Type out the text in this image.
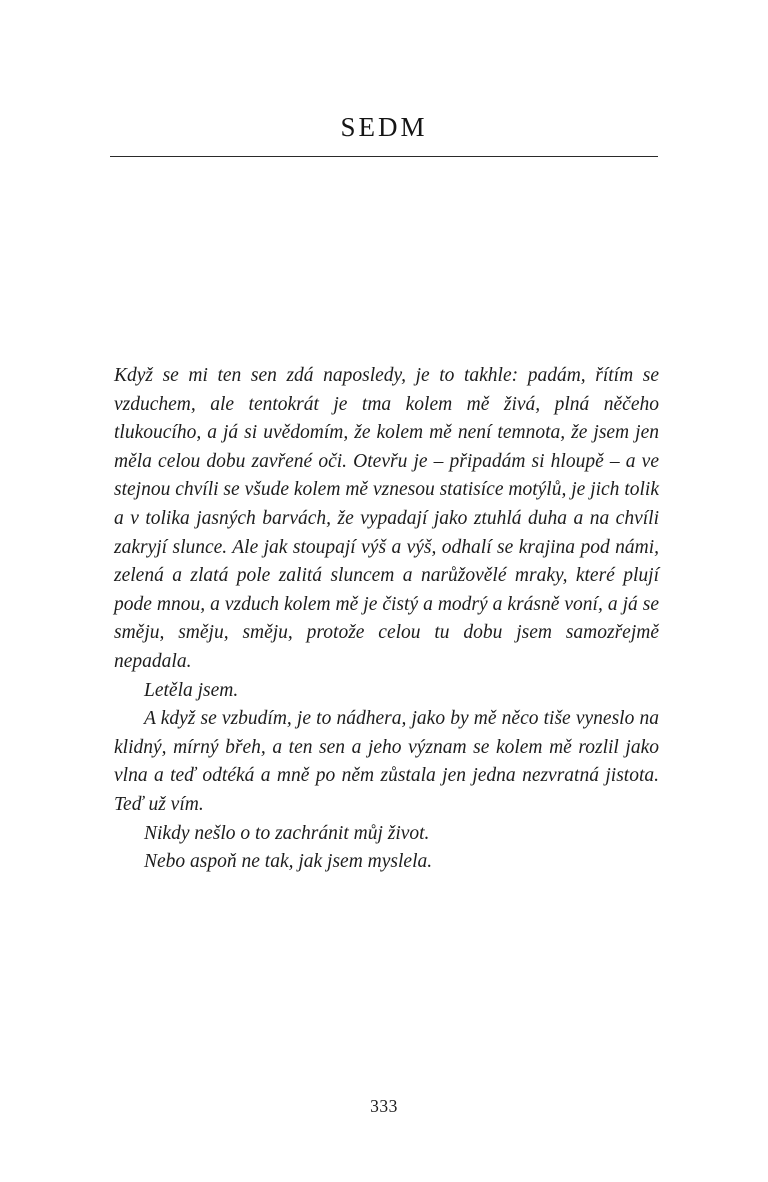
SEDM

Když se mi ten sen zdá naposledy, je to takhle: padám, řítím se vzduchem, ale tentokrát je tma kolem mě živá, plná něčeho tlukoucího, a já si uvědomím, že kolem mě není temnota, že jsem jen měla celou dobu zavřené oči. Otevřu je – připadám si hloupě – a ve stejnou chvíli se všude kolem mě vznesou statisíce motýlů, je jich tolik a v tolika jasných barvách, že vypadají jako ztuhlá duha a na chvíli zakryjí slunce. Ale jak stoupají výš a výš, odhalí se krajina pod námi, zelená a zlatá pole zalitá sluncem a narůžovělé mraky, které plují pode mnou, a vzduch kolem mě je čistý a modrý a krásně voní, a já se směju, směju, směju, protože celou tu dobu jsem samozřejmě nepadala.

Letěla jsem.

A když se vzbudím, je to nádhera, jako by mě něco tiše vyneslo na klidný, mírný břeh, a ten sen a jeho význam se kolem mě rozlil jako vlna a teď odtéká a mně po něm zůstala jen jedna nezvratná jistota. Teď už vím.

Nikdy nešlo o to zachránit můj život.

Nebo aspoň ne tak, jak jsem myslela.

333
